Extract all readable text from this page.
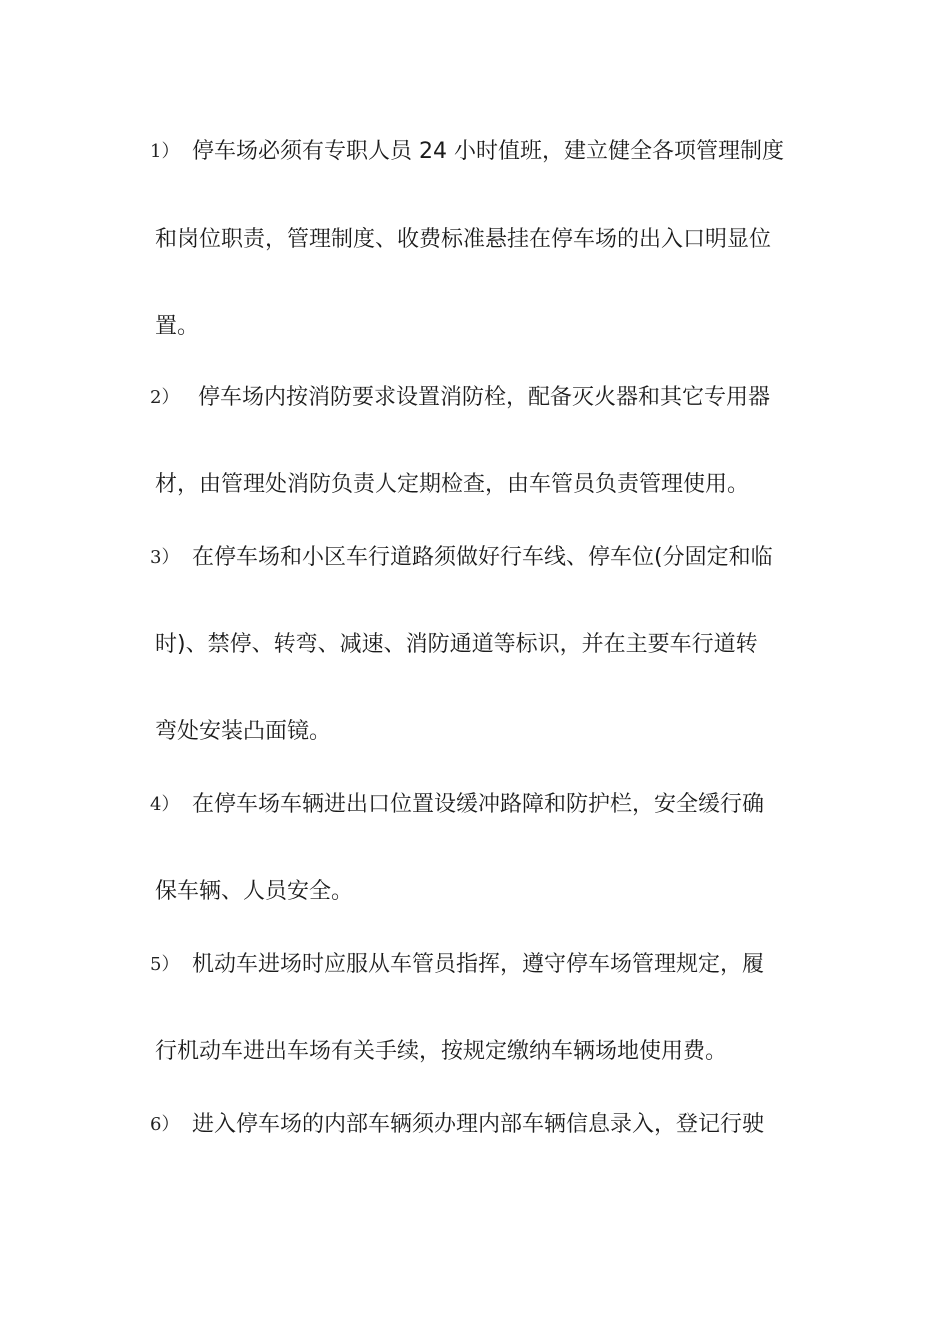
1） 停车场必须有专职人员 24 小时值班，建立健全各项管理制度
和岗位职责，管理制度、收费标准悬挂在停车场的出入口明显位
置。
2） 停车场内按消防要求设置消防栓，配备灭火器和其它专用器
材，由管理处消防负责人定期检查，由车管员负责管理使用。
3） 在停车场和小区车行道路须做好行车线、停车位(分固定和临
时)、禁停、转弯、减速、消防通道等标识，并在主要车行道转
弯处安装凸面镜。
4） 在停车场车辆进出口位置设缓冲路障和防护栏，安全缓行确
保车辆、人员安全。
5） 机动车进场时应服从车管员指挥，遵守停车场管理规定，履
行机动车进出车场有关手续，按规定缴纳车辆场地使用费。
6） 进入停车场的内部车辆须办理内部车辆信息录入，登记行驶
